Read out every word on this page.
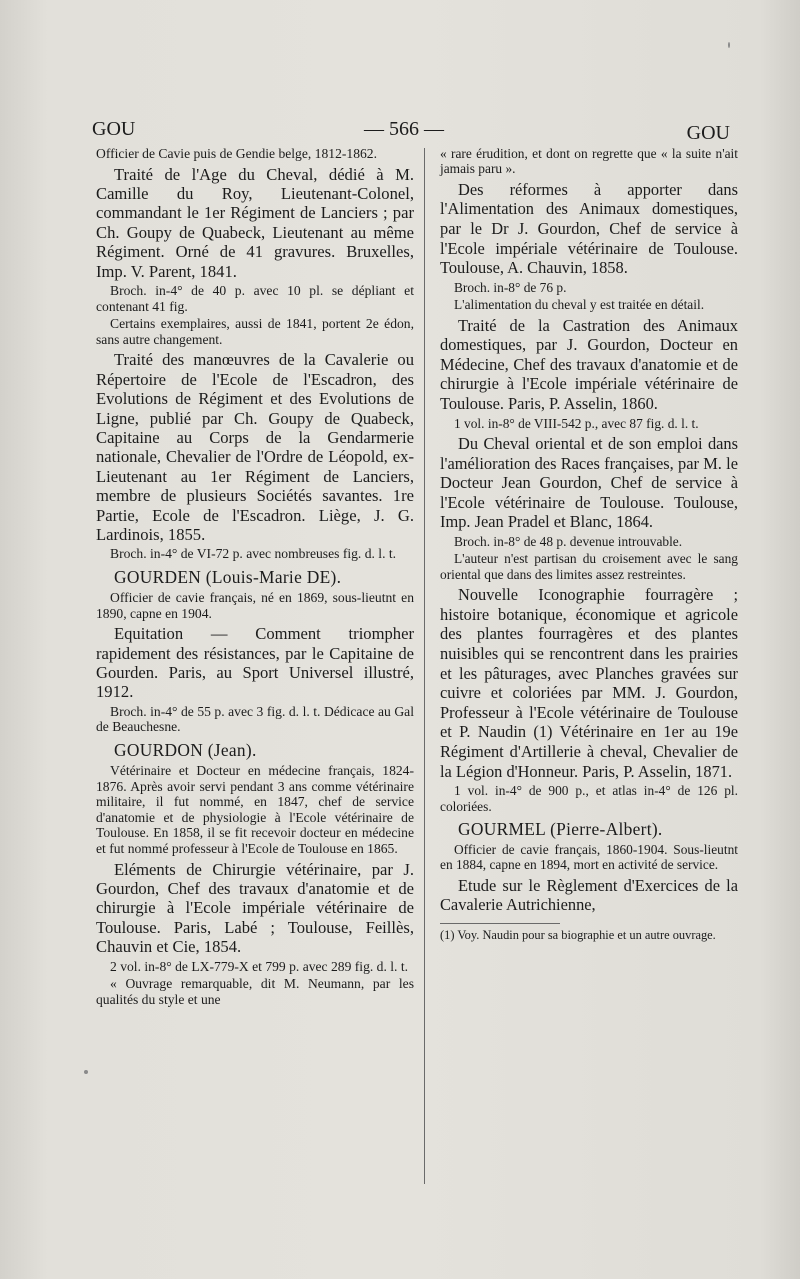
GOU	— 566 —	GOU

Officier de Cavie puis de Gendie belge, 1812-1862.

Traité de l'Age du Cheval, dédié à M. Camille du Roy, Lieutenant-Colonel, commandant le 1er Régiment de Lanciers ; par Ch. Goupy de Quabeck, Lieutenant au même Régiment. Orné de 41 gravures. Bruxelles, Imp. V. Parent, 1841.

Broch. in-4° de 40 p. avec 10 pl. se dépliant et contenant 41 fig.

Certains exemplaires, aussi de 1841, portent 2e édon, sans autre changement.

Traité des manœuvres de la Cavalerie ou Répertoire de l'Ecole de l'Escadron, des Evolutions de Régiment et des Evolutions de Ligne, publié par Ch. Goupy de Quabeck, Capitaine au Corps de la Gendarmerie nationale, Chevalier de l'Ordre de Léopold, ex-Lieutenant au 1er Régiment de Lanciers, membre de plusieurs Sociétés savantes. 1re Partie, Ecole de l'Escadron. Liège, J. G. Lardinois, 1855.

Broch. in-4° de VI-72 p. avec nombreuses fig. d. l. t.

GOURDEN (Louis-Marie DE).

Officier de cavie français, né en 1869, sous-lieutnt en 1890, capne en 1904.

Equitation — Comment triompher rapidement des résistances, par le Capitaine de Gourden. Paris, au Sport Universel illustré, 1912.

Broch. in-4° de 55 p. avec 3 fig. d. l. t. Dédicace au Gal de Beauchesne.

GOURDON (Jean).

Vétérinaire et Docteur en médecine français, 1824-1876. Après avoir servi pendant 3 ans comme vétérinaire militaire, il fut nommé, en 1847, chef de service d'anatomie et de physiologie à l'Ecole vétérinaire de Toulouse. En 1858, il se fit recevoir docteur en médecine et fut nommé professeur à l'Ecole de Toulouse en 1865.

Eléments de Chirurgie vétérinaire, par J. Gourdon, Chef des travaux d'anatomie et de chirurgie à l'Ecole impériale vétérinaire de Toulouse. Paris, Labé ; Toulouse, Feillès, Chauvin et Cie, 1854.

2 vol. in-8° de LX-779-X et 799 p. avec 289 fig. d. l. t.

« Ouvrage remarquable, dit M. Neumann, par les qualités du style et une

« rare érudition, et dont on regrette que « la suite n'ait jamais paru ».

Des réformes à apporter dans l'Alimentation des Animaux domestiques, par le Dr J. Gourdon, Chef de service à l'Ecole impériale vétérinaire de Toulouse. Toulouse, A. Chauvin, 1858.

Broch. in-8° de 76 p.

L'alimentation du cheval y est traitée en détail.

Traité de la Castration des Animaux domestiques, par J. Gourdon, Docteur en Médecine, Chef des travaux d'anatomie et de chirurgie à l'Ecole impériale vétérinaire de Toulouse. Paris, P. Asselin, 1860.

1 vol. in-8° de VIII-542 p., avec 87 fig. d. l. t.

Du Cheval oriental et de son emploi dans l'amélioration des Races françaises, par M. le Docteur Jean Gourdon, Chef de service à l'Ecole vétérinaire de Toulouse. Toulouse, Imp. Jean Pradel et Blanc, 1864.

Broch. in-8° de 48 p. devenue introuvable.

L'auteur n'est partisan du croisement avec le sang oriental que dans des limites assez restreintes.

Nouvelle Iconographie fourragère ; histoire botanique, économique et agricole des plantes fourragères et des plantes nuisibles qui se rencontrent dans les prairies et les pâturages, avec Planches gravées sur cuivre et coloriées par MM. J. Gourdon, Professeur à l'Ecole vétérinaire de Toulouse et P. Naudin (1) Vétérinaire en 1er au 19e Régiment d'Artillerie à cheval, Chevalier de la Légion d'Honneur. Paris, P. Asselin, 1871.

1 vol. in-4° de 900 p., et atlas in-4° de 126 pl. coloriées.

GOURMEL (Pierre-Albert).

Officier de cavie français, 1860-1904. Sous-lieutnt en 1884, capne en 1894, mort en activité de service.

Etude sur le Règlement d'Exercices de la Cavalerie Autrichienne,

(1) Voy. Naudin pour sa biographie et un autre ouvrage.
